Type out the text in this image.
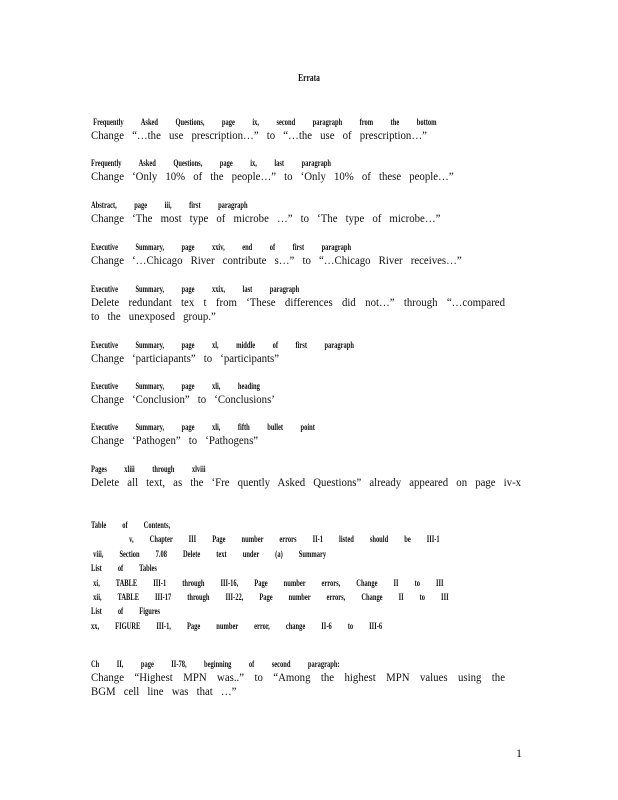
Errata
Frequently Asked Questions, page ix, second paragraph from the bottom
Change “…the use prescription…” to “…the use of prescription…”
Frequently Asked Questions, page ix, last paragraph
Change ‘Only 10% of the people…” to ‘Only 10% of these people…”
Abstract, page iii, first paragraph
Change ‘The most type of microbe …” to ‘The type of microbe…”
Executive Summary, page xxiv, end of first paragraph
Change ‘…Chicago River contribute s…” to “…Chicago River receives…”
Executive Summary, page xxix, last paragraph
Delete redundant tex t from ‘These differences did not…” through “…compared to the unexposed group.”
Executive Summary, page xl, middle of first paragraph
Change ‘particiapants” to ‘participants”
Executive Summary, page xli, heading
Change ‘Conclusion” to ‘Conclusions’
Executive Summary, page xli, fifth bullet point
Change ‘Pathogen” to ‘Pathogens”
Pages xliii through xlviii
Delete all text, as the ‘Fre quently Asked Questions” already appeared on page iv-x
Table of Contents,
v, Chapter III Page number errors II-1 listed should be III-1
viii, Section 7.08 Delete text under (a) Summary
List of Tables
xi, TABLE III-1 through III-16, Page number errors, Change II to III
xii, TABLE III-17 through III-22, Page number errors, Change II to III
List of Figures
xx, FIGURE III-1, Page number error, change II-6 to III-6
Ch II, page II-78, beginning of second paragraph:
Change “Highest MPN was..” to “Among the highest MPN values using the BGM cell line was that …”
1
